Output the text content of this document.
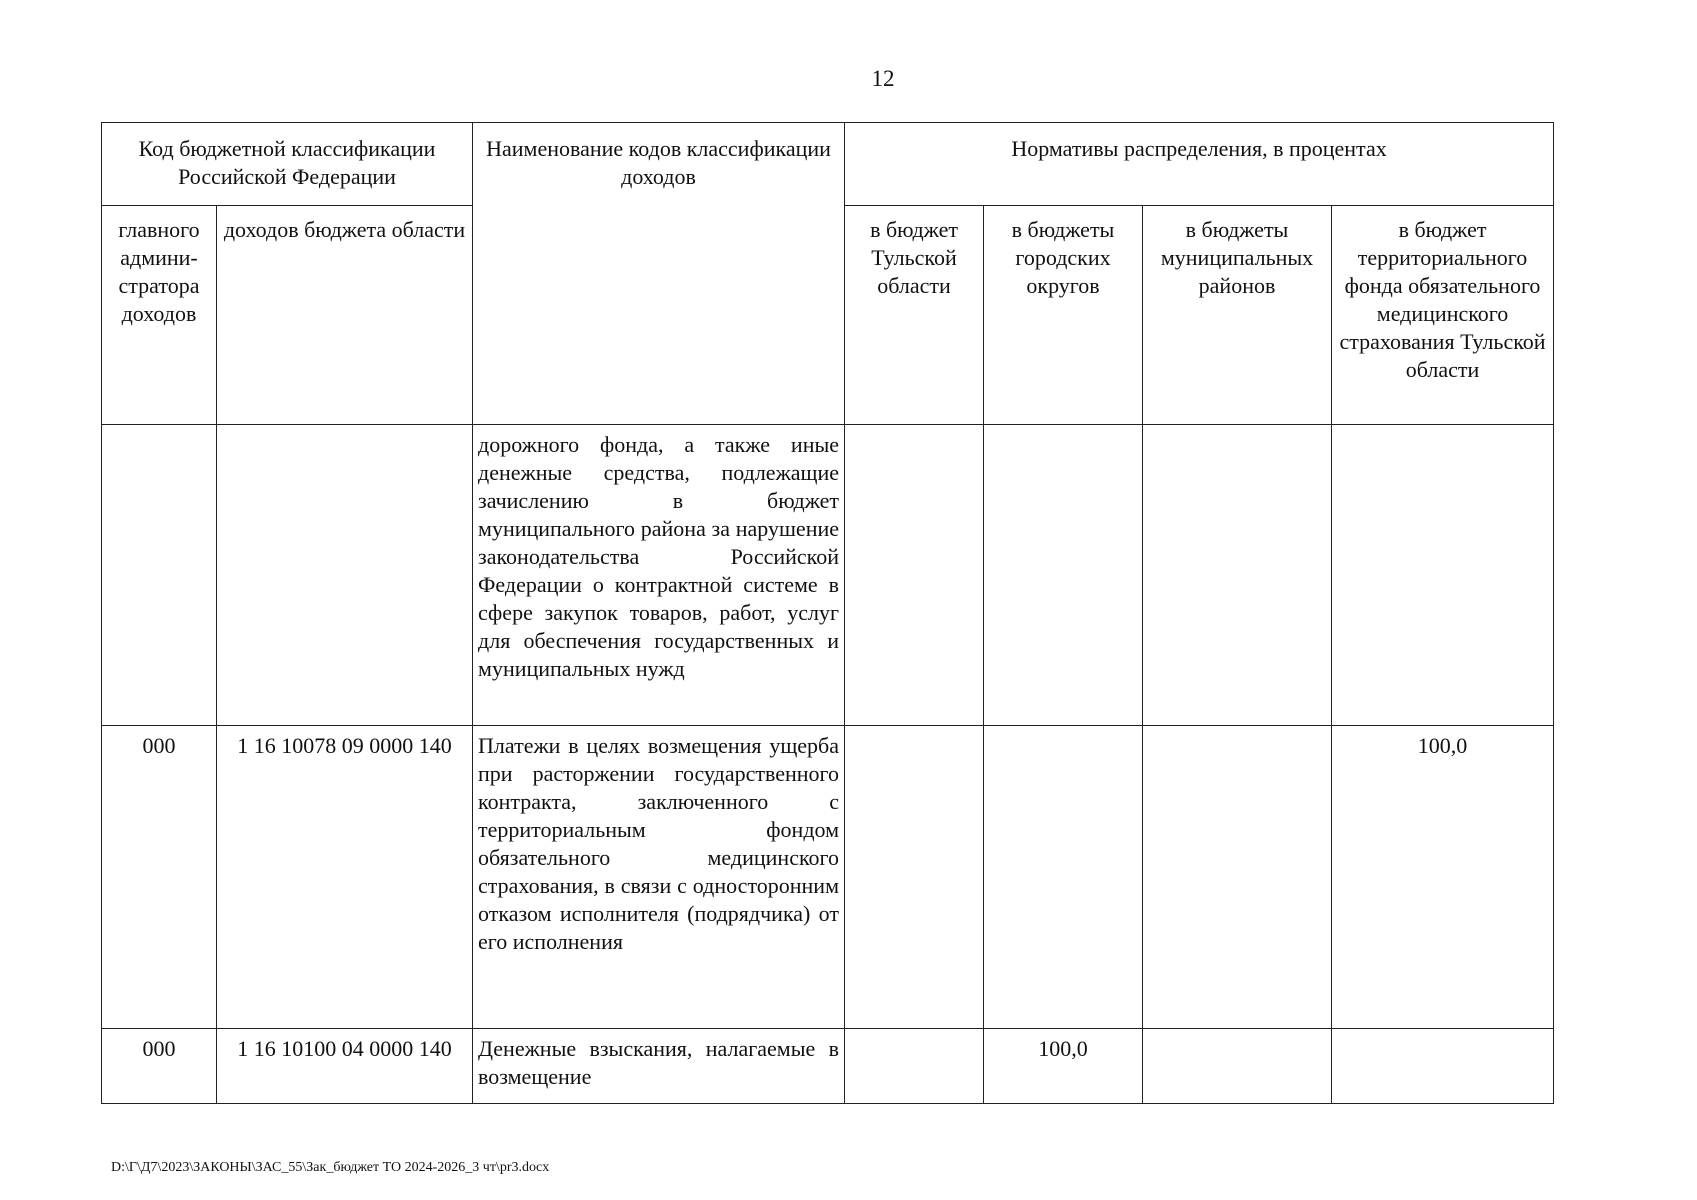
12
Код бюджетной классификации Российской Федерации		Наименование кодов классификации доходов	Нормативы распределения, в процентах			
главного админи-стратора доходов	доходов бюджета области		в бюджет Тульской области	в бюджеты городских округов	в бюджеты муниципальных районов	в бюджет территориального фонда обязательного медицинского страхования Тульской области
		дорожного фонда, а также иные денежные средства, подлежащие зачислению в бюджет муниципального района за нарушение законодательства Российской Федерации о контрактной системе в сфере закупок товаров, работ, услуг для обеспечения государственных и муниципальных нужд				
000	1 16 10078 09 0000 140	Платежи в целях возмещения ущерба при расторжении государственного контракта, заключенного с территориальным фондом обязательного медицинского страхования, в связи с односторонним отказом исполнителя (подрядчика) от его исполнения				100,0
000	1 16 10100 04 0000 140	Денежные взыскания, налагаемые в возмещение		100,0		
D:\Г\Д7\2023\ЗАКОНЫ\ЗАС_55\Зак_бюджет ТО 2024-2026_3 чт\pr3.docx
